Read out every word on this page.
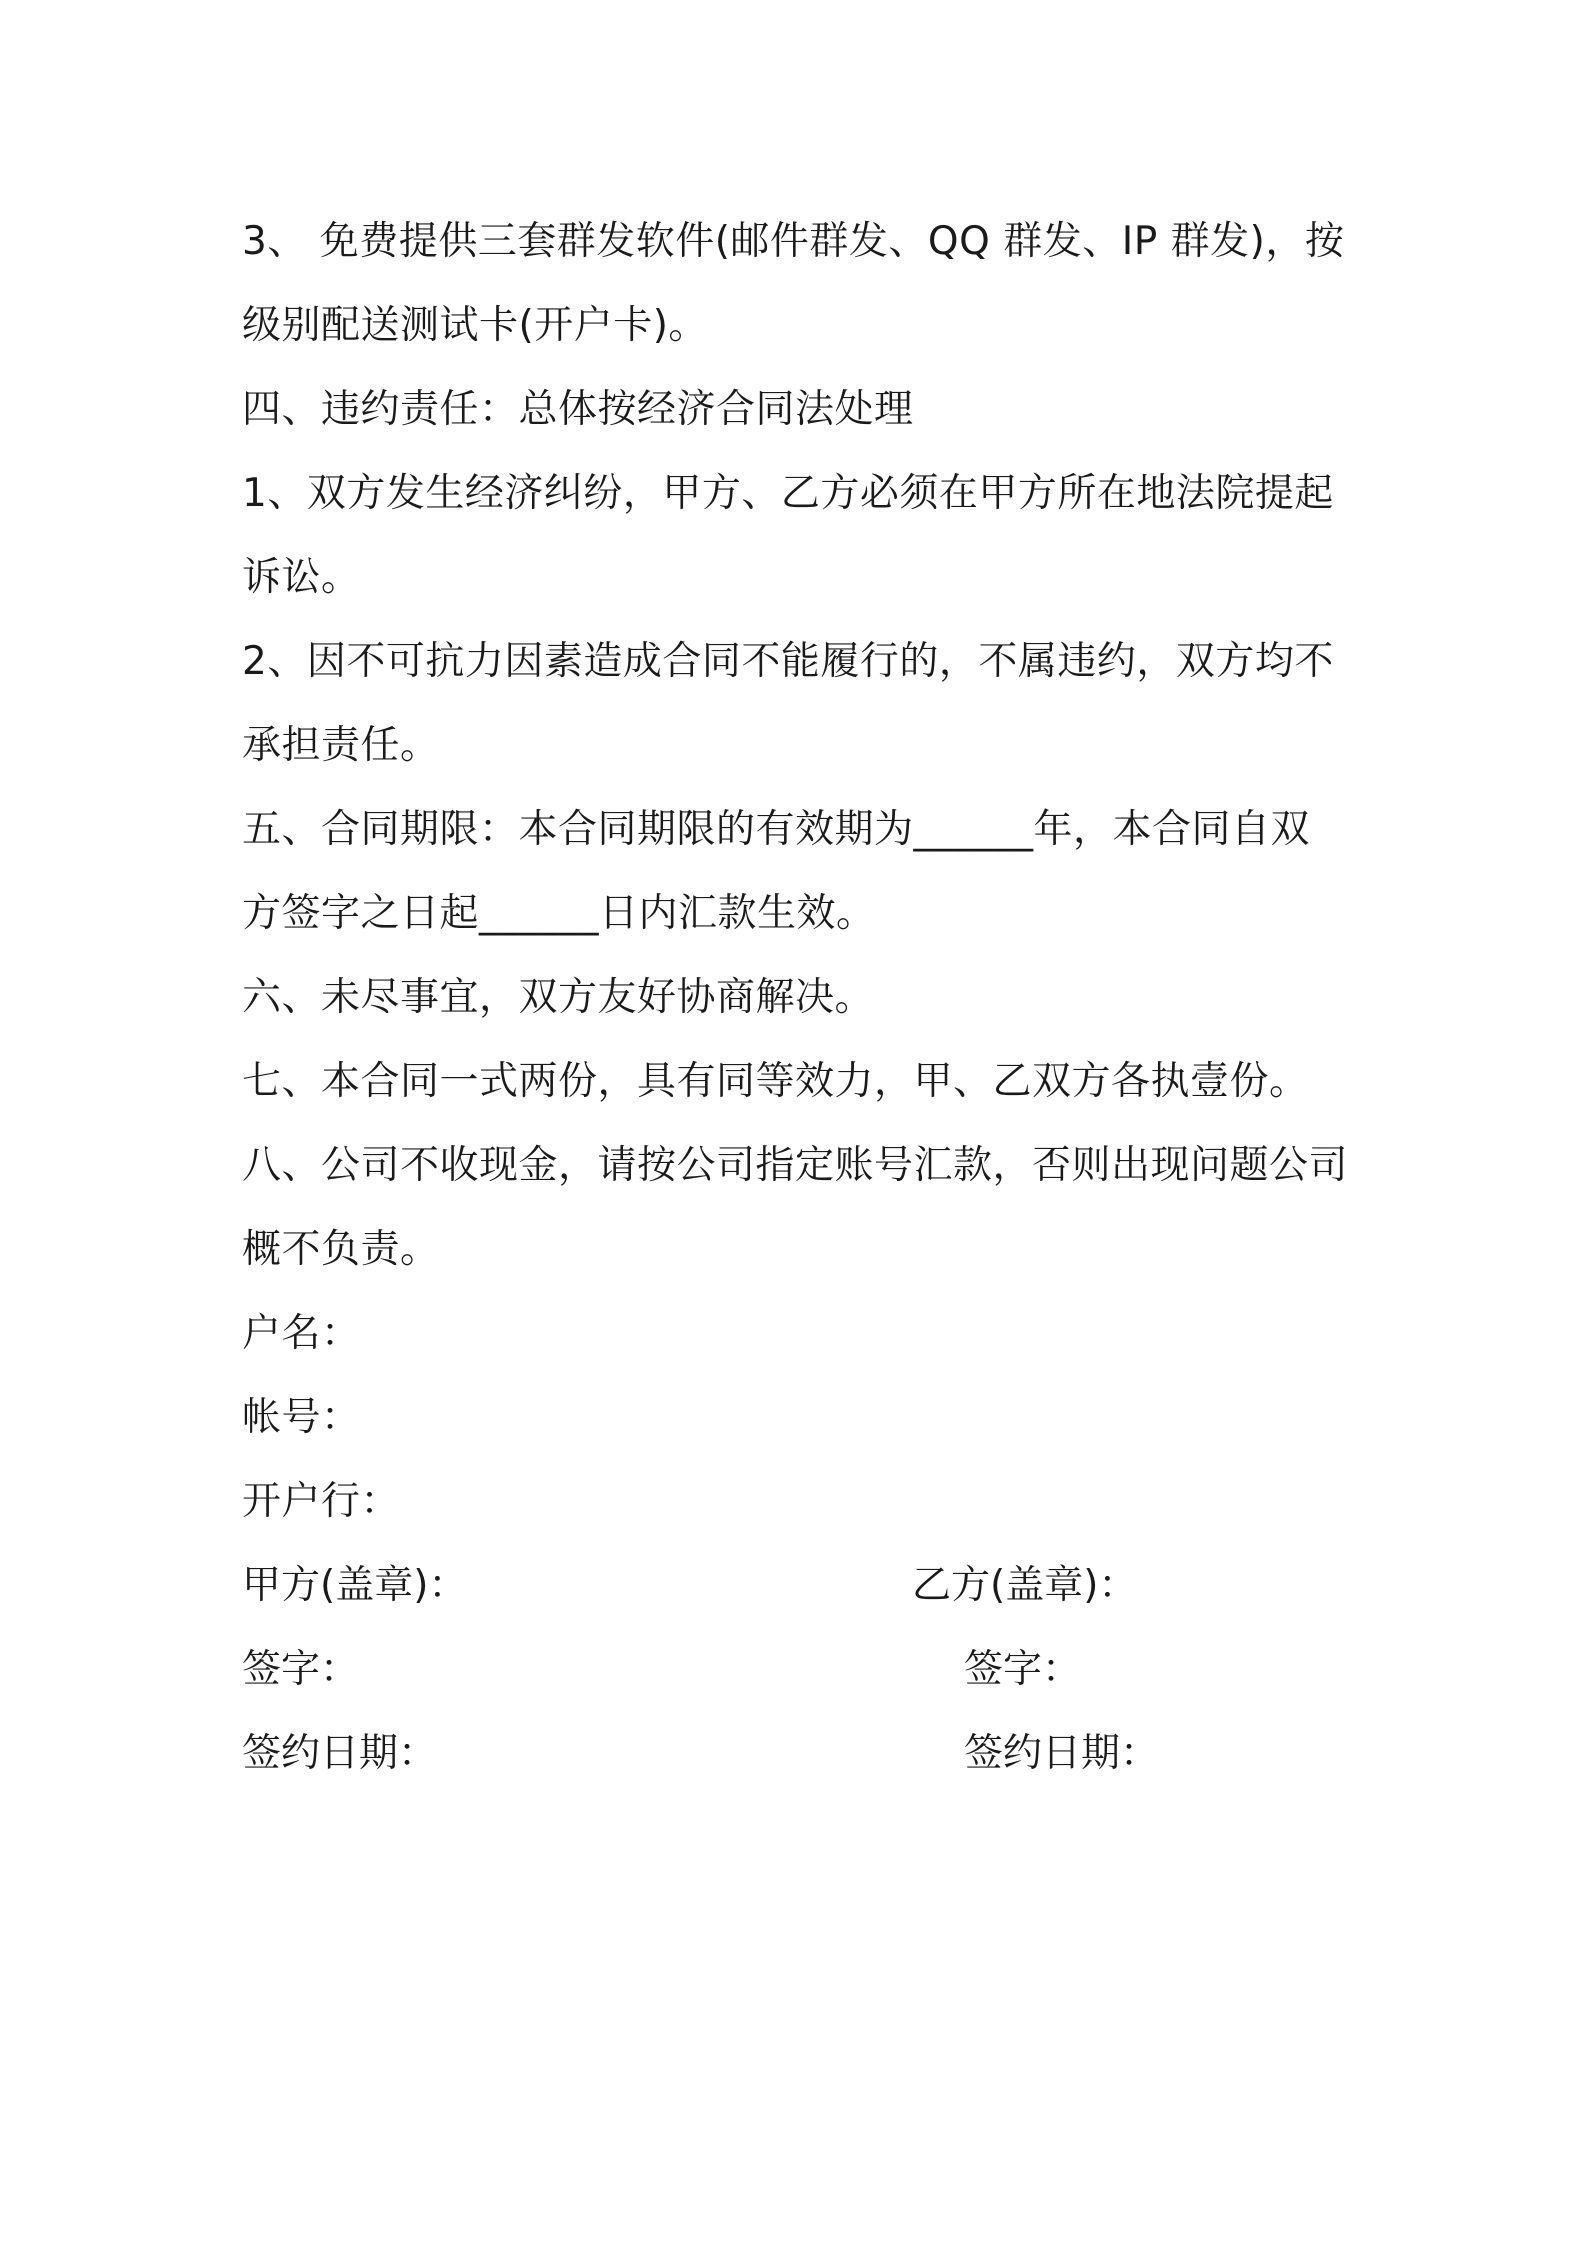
3、 免费提供三套群发软件(邮件群发、QQ 群发、IP 群发)，按

级别配送测试卡(开户卡)。

四、违约责任：总体按经济合同法处理

1、双方发生经济纠纷，甲方、乙方必须在甲方所在地法院提起

诉讼。

2、因不可抗力因素造成合同不能履行的，不属违约，双方均不

承担责任。

五、合同期限：本合同期限的有效期为______年，本合同自双

方签字之日起______日内汇款生效。

六、未尽事宜，双方友好协商解决。

七、本合同一式两份，具有同等效力，甲、乙双方各执壹份。

八、公司不收现金，请按公司指定账号汇款，否则出现问题公司

概不负责。

户名：

帐号：

开户行：

甲方(盖章)：	乙方(盖章)：
签字：	签字：
签约日期：	签约日期：
